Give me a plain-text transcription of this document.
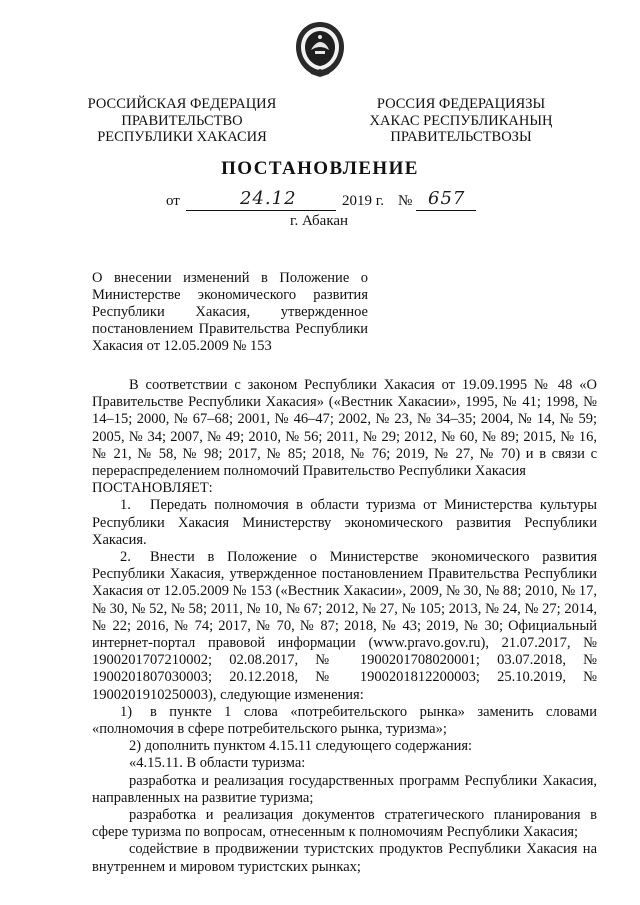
РОССИЙСКАЯ ФЕДЕРАЦИЯ
ПРАВИТЕЛЬСТВО
РЕСПУБЛИКИ ХАКАСИЯ
РОССИЯ ФЕДЕРАЦИЯЗЫ
ХАКАС РЕСПУБЛИКАНЫҢ
ПРАВИТЕЛЬСТВОЗЫ
ПОСТАНОВЛЕНИЕ
от	24.12	2019 г. № 657
г. Абакан
О внесении изменений в Положение о
Министерстве экономического развития
Республики Хакасия, утвержденное
постановлением Правительства Республики
Хакасия от 12.05.2009 № 153

В соответствии с законом Республики Хакасия от 19.09.1995 № 48 «О Правительстве Республики Хакасия» («Вестник Хакасии», 1995, № 41; 1998, № 14–15; 2000, № 67–68; 2001, № 46–47; 2002, № 23, № 34–35; 2004, № 14, № 59; 2005, № 34; 2007, № 49; 2010, № 56; 2011, № 29; 2012, № 60, № 89; 2015, № 16, № 21, № 58, № 98; 2017, № 85; 2018, № 76; 2019, № 27, № 70) и в связи с перераспределением полномочий Правительство Республики Хакасия

ПОСТАНОВЛЯЕТ:

1. Передать полномочия в области туризма от Министерства культуры Республики Хакасия Министерству экономического развития Республики Хакасия.

2. Внести в Положение о Министерстве экономического развития Республики Хакасия, утвержденное постановлением Правительства Республики Хакасия от 12.05.2009 № 153 («Вестник Хакасии», 2009, № 30, № 88; 2010, № 17, № 30, № 52, № 58; 2011, № 10, № 67; 2012, № 27, № 105; 2013, № 24, № 27; 2014, № 22; 2016, № 74; 2017, № 70, № 87; 2018, № 43; 2019, № 30; Официальный интернет-портал правовой информации (www.pravo.gov.ru), 21.07.2017, № 1900201707210002; 02.08.2017, № 1900201708020001; 03.07.2018, № 1900201807030003; 20.12.2018, № 1900201812200003; 25.10.2019, № 1900201910250003), следующие изменения:

1) в пункте 1 слова «потребительского рынка» заменить словами «полномочия в сфере потребительского рынка, туризма»;

2) дополнить пунктом 4.15.11 следующего содержания:

«4.15.11. В области туризма:

разработка и реализация государственных программ Республики Хакасия, направленных на развитие туризма;

разработка и реализация документов стратегического планирования в сфере туризма по вопросам, отнесенным к полномочиям Республики Хакасия;

содействие в продвижении туристских продуктов Республики Хакасия на внутреннем и мировом туристских рынках;
